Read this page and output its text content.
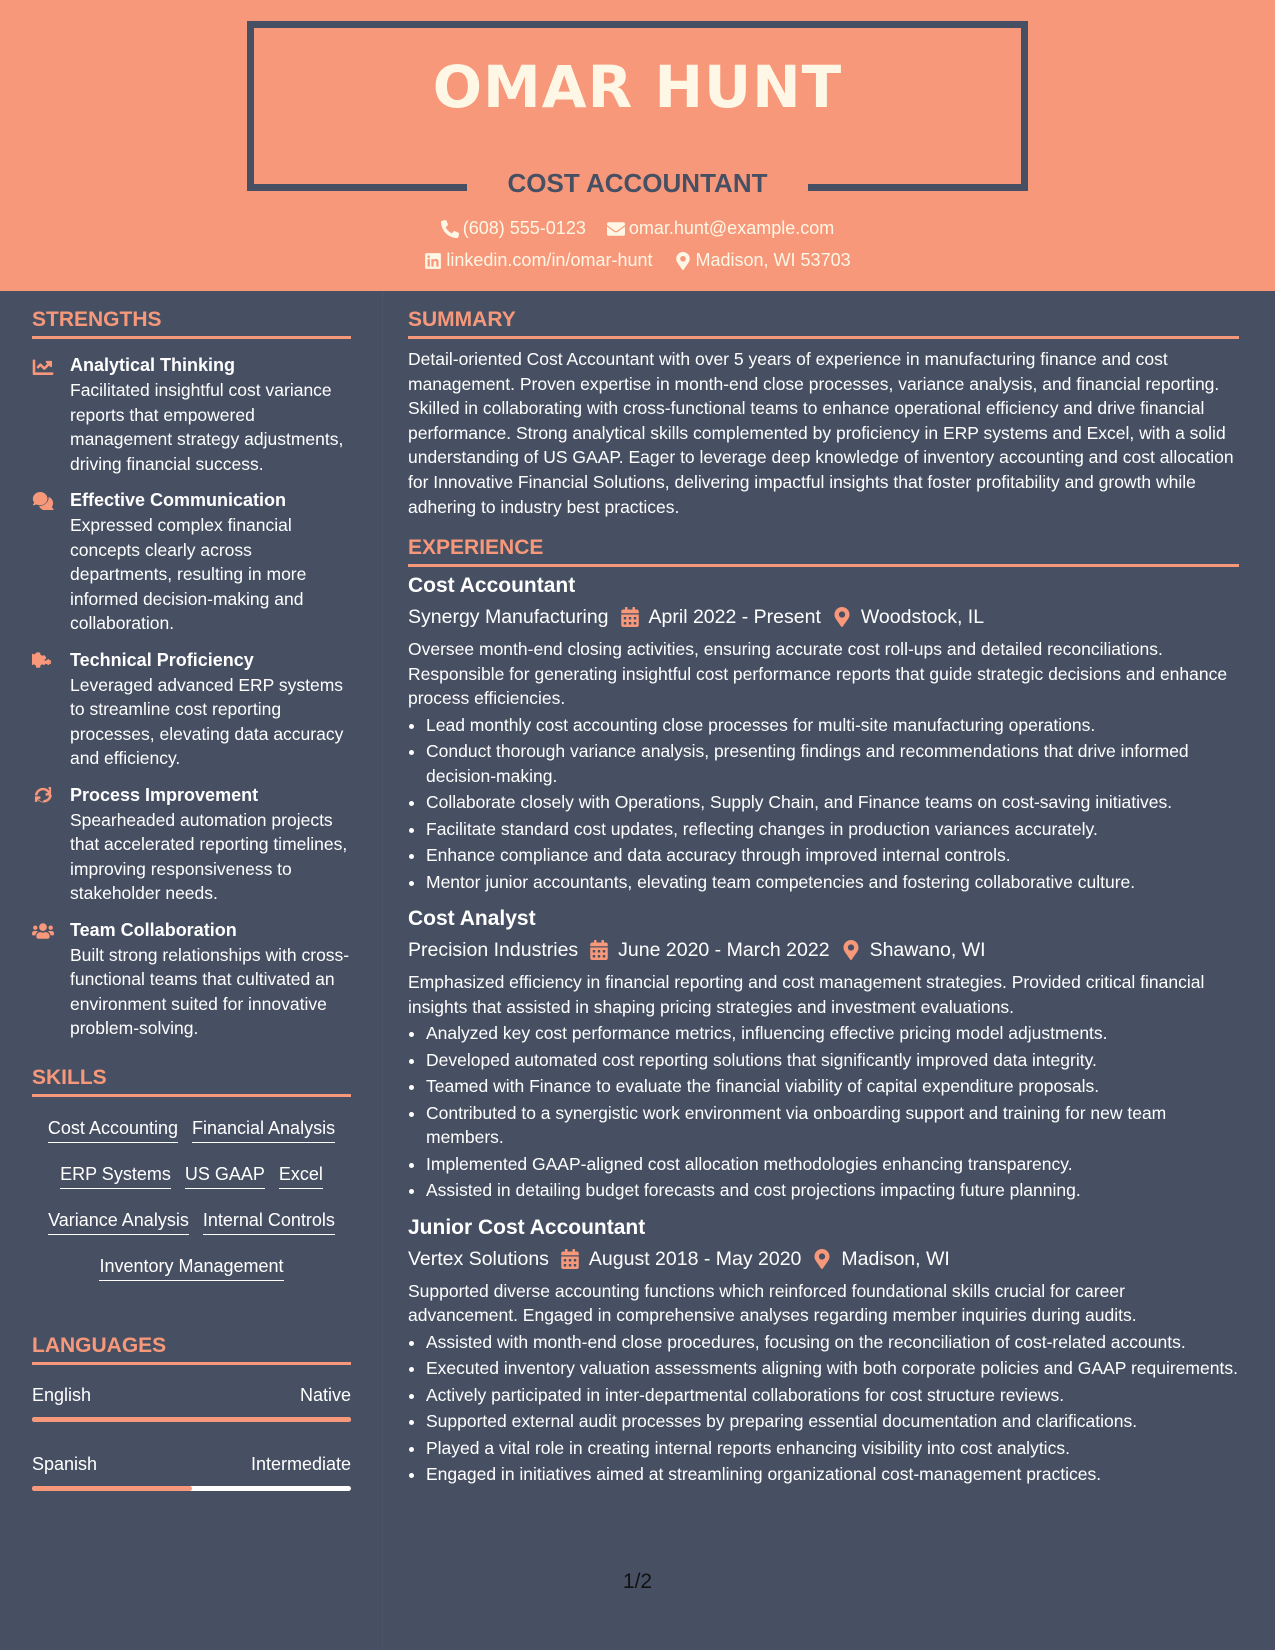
OMAR HUNT
COST ACCOUNTANT
(608) 555-0123
omar.hunt@example.com
linkedin.com/in/omar-hunt
Madison, WI 53703
STRENGTHS
Analytical Thinking
Facilitated insightful cost variance reports that empowered management strategy adjustments, driving financial success.
Effective Communication
Expressed complex financial concepts clearly across departments, resulting in more informed decision-making and collaboration.
Technical Proficiency
Leveraged advanced ERP systems to streamline cost reporting processes, elevating data accuracy and efficiency.
Process Improvement
Spearheaded automation projects that accelerated reporting timelines, improving responsiveness to stakeholder needs.
Team Collaboration
Built strong relationships with cross-functional teams that cultivated an environment suited for innovative problem-solving.
SKILLS
Cost Accounting Financial Analysis
ERP Systems US GAAP Excel
Variance Analysis Internal Controls
Inventory Management
LANGUAGES
English	Native
Spanish	Intermediate
SUMMARY

Detail-oriented Cost Accountant with over 5 years of experience in manufacturing finance and cost management. Proven expertise in month-end close processes, variance analysis, and financial reporting. Skilled in collaborating with cross-functional teams to enhance operational efficiency and drive financial performance. Strong analytical skills complemented by proficiency in ERP systems and Excel, with a solid understanding of US GAAP. Eager to leverage deep knowledge of inventory accounting and cost allocation for Innovative Financial Solutions, delivering impactful insights that foster profitability and growth while adhering to industry best practices.

EXPERIENCE
Cost Accountant
Synergy Manufacturing April 2022 - Present Woodstock, IL
Oversee month-end closing activities, ensuring accurate cost roll-ups and detailed reconciliations. Responsible for generating insightful cost performance reports that guide strategic decisions and enhance process efficiencies.
• Lead monthly cost accounting close processes for multi-site manufacturing operations.
• Conduct thorough variance analysis, presenting findings and recommendations that drive informed decision-making.
• Collaborate closely with Operations, Supply Chain, and Finance teams on cost-saving initiatives.
• Facilitate standard cost updates, reflecting changes in production variances accurately.
• Enhance compliance and data accuracy through improved internal controls.
• Mentor junior accountants, elevating team competencies and fostering collaborative culture.
Cost Analyst
Precision Industries June 2020 - March 2022 Shawano, WI
Emphasized efficiency in financial reporting and cost management strategies. Provided critical financial insights that assisted in shaping pricing strategies and investment evaluations.
• Analyzed key cost performance metrics, influencing effective pricing model adjustments.
• Developed automated cost reporting solutions that significantly improved data integrity.
• Teamed with Finance to evaluate the financial viability of capital expenditure proposals.
• Contributed to a synergistic work environment via onboarding support and training for new team members.
• Implemented GAAP-aligned cost allocation methodologies enhancing transparency.
• Assisted in detailing budget forecasts and cost projections impacting future planning.
Junior Cost Accountant
Vertex Solutions August 2018 - May 2020 Madison, WI
Supported diverse accounting functions which reinforced foundational skills crucial for career advancement. Engaged in comprehensive analyses regarding member inquiries during audits.
• Assisted with month-end close procedures, focusing on the reconciliation of cost-related accounts.
• Executed inventory valuation assessments aligning with both corporate policies and GAAP requirements.
• Actively participated in inter-departmental collaborations for cost structure reviews.
• Supported external audit processes by preparing essential documentation and clarifications.
• Played a vital role in creating internal reports enhancing visibility into cost analytics.
• Engaged in initiatives aimed at streamlining organizational cost-management practices.
1/2
